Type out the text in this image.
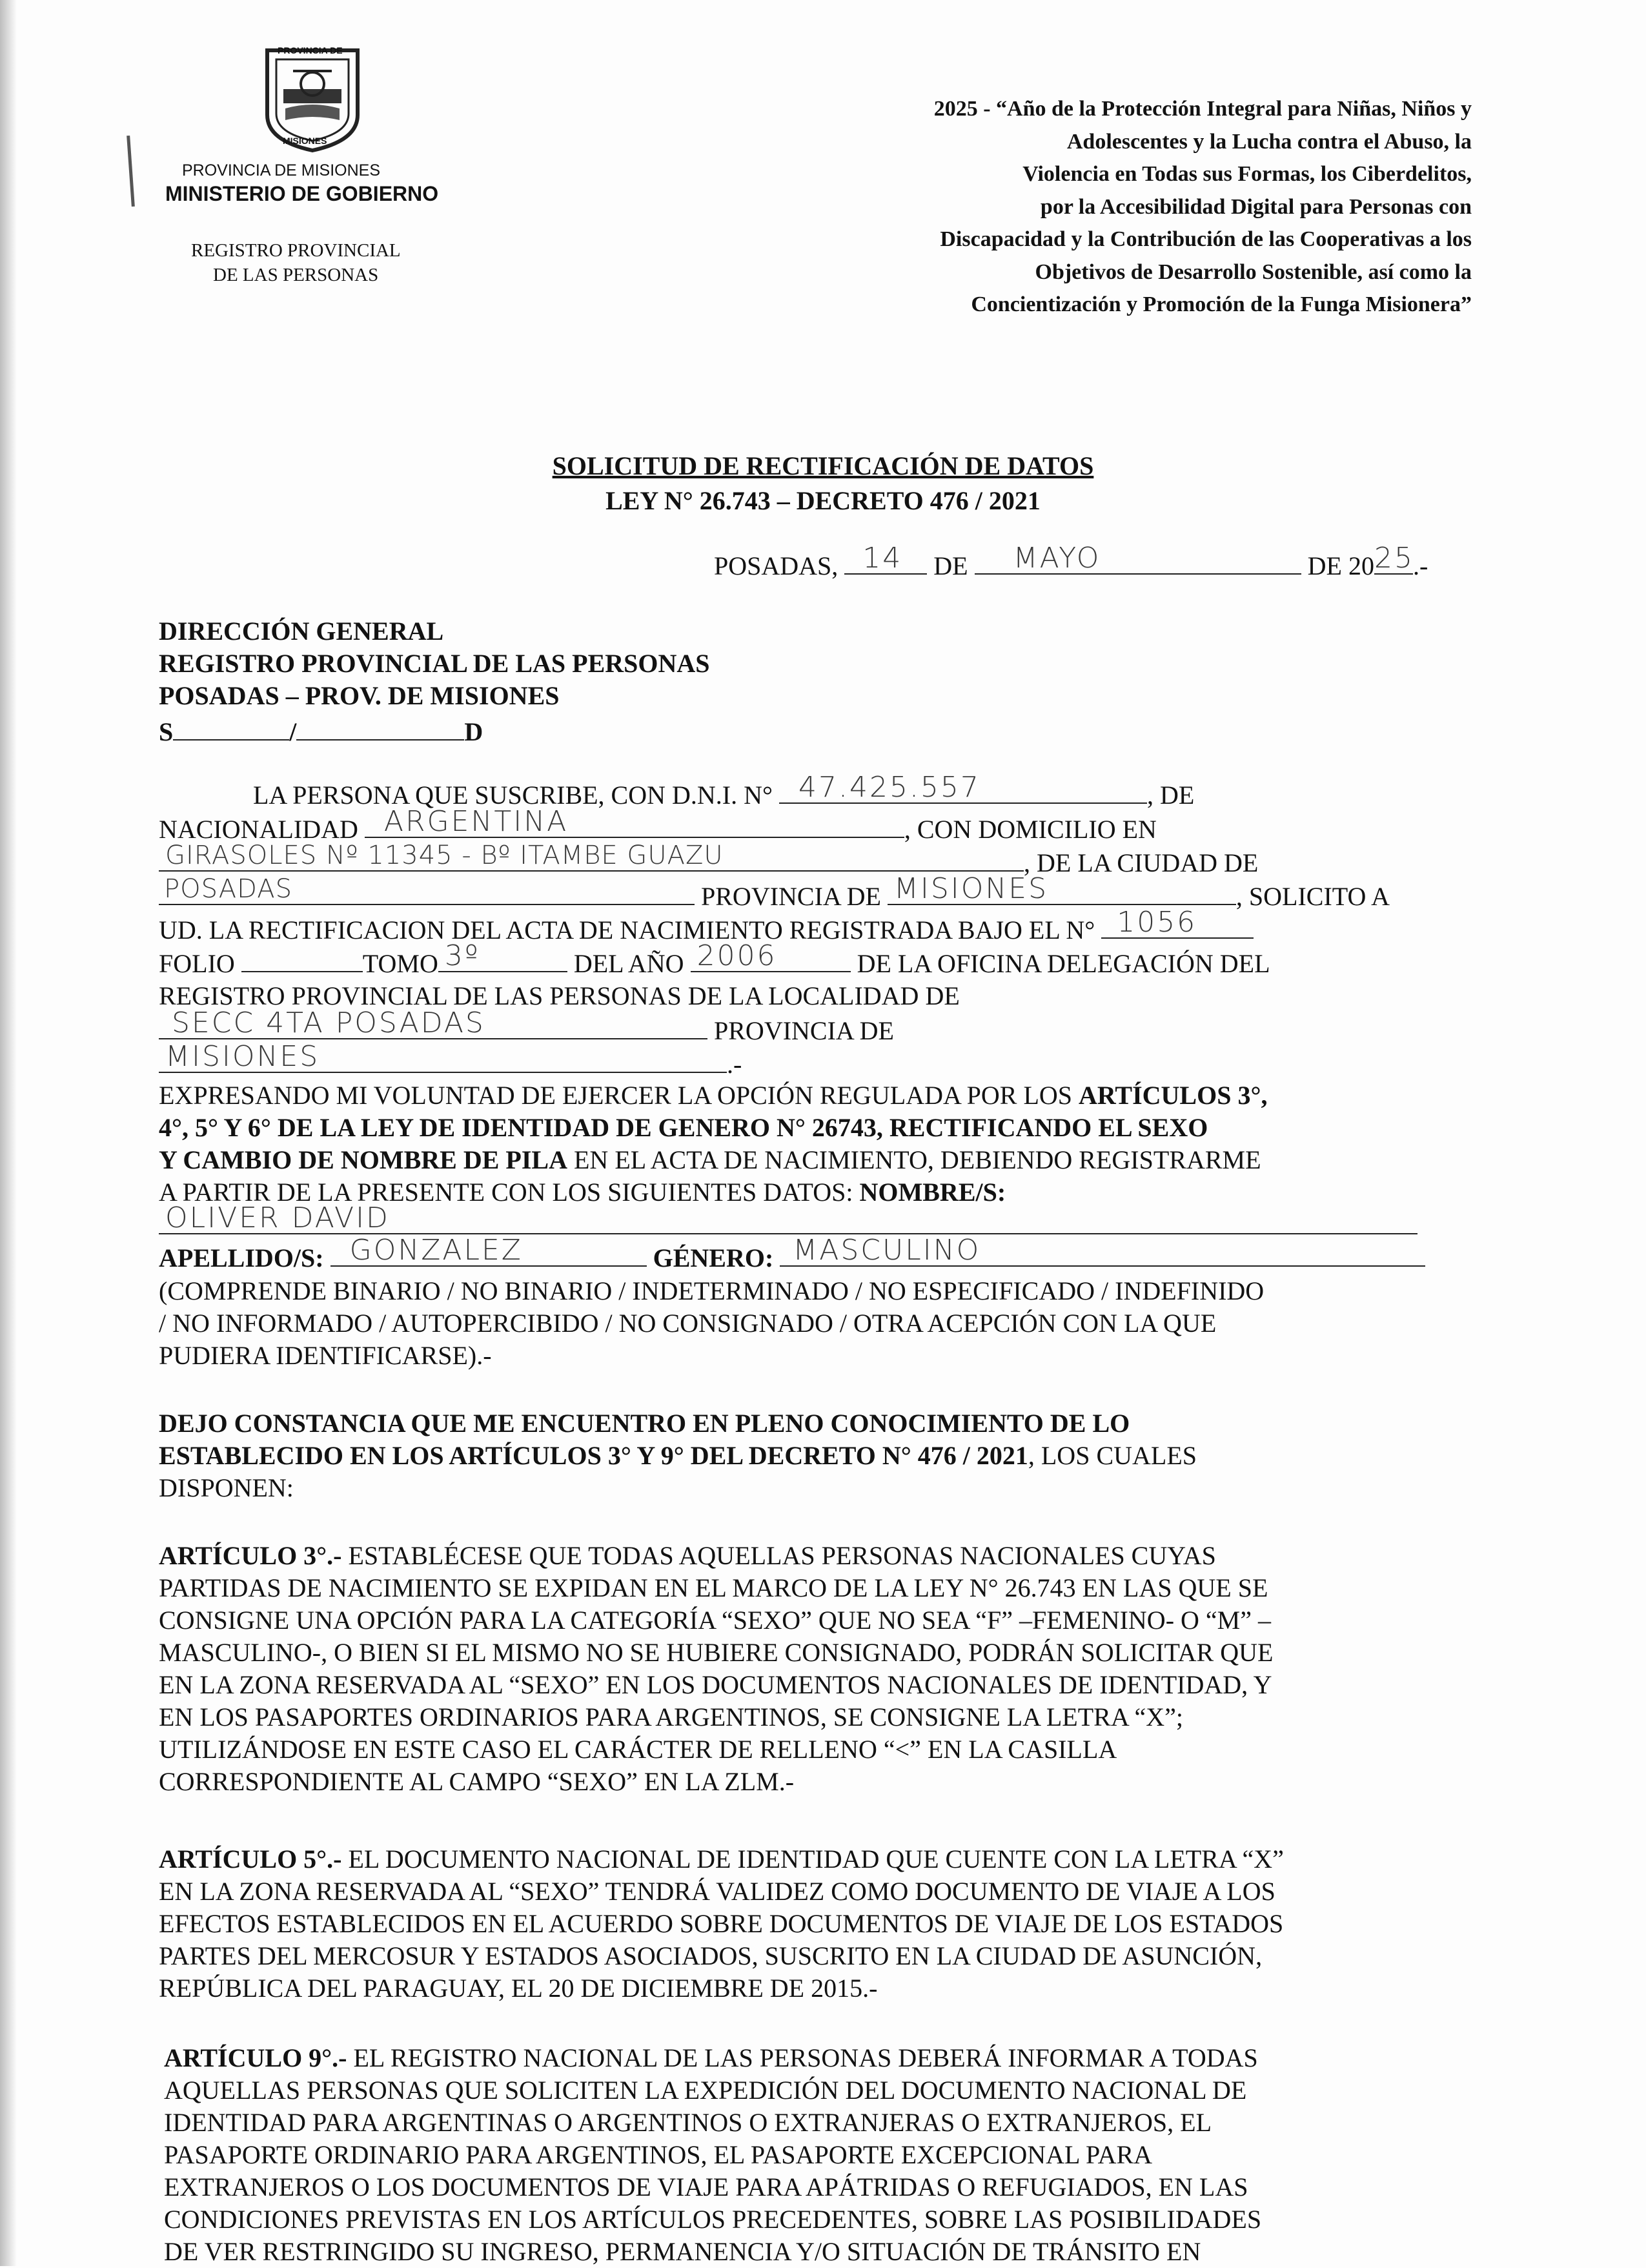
PROVINCIA DE
MISIONES
PROVINCIA DE MISIONES
MINISTERIO DE GOBIERNO
REGISTRO PROVINCIAL
DE LAS PERSONAS
2025 - “Año de la Protección Integral para Niñas, Niños y
Adolescentes y la Lucha contra el Abuso, la
Violencia en Todas sus Formas, los Ciberdelitos,
por la Accesibilidad Digital para Personas con
Discapacidad y la Contribución de las Cooperativas a los
Objetivos de Desarrollo Sostenible, así como la
Concientización y Promoción de la Funga Misionera”
SOLICITUD DE RECTIFICACIÓN DE DATOS
LEY N° 26.743 – DECRETO 476 / 2021
POSADAS, 14 DE MAYO	DE 20 25
.-
DIRECCIÓN GENERAL
REGISTRO PROVINCIAL DE LAS PERSONAS
POSADAS – PROV. DE MISIONES
S	/	D
LA PERSONA QUE SUSCRIBE, CON D.N.I. N° 47.425.557	, DE
NACIONALIDAD ARGENTINA	, CON DOMICILIO EN
GIRASOLES Nº 11345 - Bº ITAMBE GUAZU	, DE LA CIUDAD DE
POSADAS	PROVINCIA DE MISIONES	, SOLICITO A
UD. LA RECTIFICACION DEL ACTA DE NACIMIENTO REGISTRADA BAJO EL N° 1056
FOLIO	TOMO 3º	DEL AÑO 2006	DE LA OFICINA DELEGACIÓN DEL
REGISTRO PROVINCIAL DE LAS PERSONAS DE LA LOCALIDAD DE
SECC 4TA POSADAS	PROVINCIA DE
MISIONES	.-
EXPRESANDO MI VOLUNTAD DE EJERCER LA OPCIÓN REGULADA POR LOS ARTÍCULOS 3°,
4°, 5° Y 6° DE LA LEY DE IDENTIDAD DE GENERO N° 26743, RECTIFICANDO EL SEXO
Y CAMBIO DE NOMBRE DE PILA EN EL ACTA DE NACIMIENTO, DEBIENDO REGISTRARME
A PARTIR DE LA PRESENTE CON LOS SIGUIENTES DATOS: NOMBRE/S:
OLIVER DAVID
APELLIDO/S: GONZALEZ	GÉNERO: MASCULINO
(COMPRENDE BINARIO / NO BINARIO / INDETERMINADO / NO ESPECIFICADO / INDEFINIDO
/ NO INFORMADO / AUTOPERCIBIDO / NO CONSIGNADO / OTRA ACEPCIÓN CON LA QUE
PUDIERA IDENTIFICARSE).-
DEJO CONSTANCIA QUE ME ENCUENTRO EN PLENO CONOCIMIENTO DE LO
ESTABLECIDO EN LOS ARTÍCULOS 3° Y 9° DEL DECRETO N° 476 / 2021, LOS CUALES
DISPONEN:
ARTÍCULO 3°.- ESTABLÉCESE QUE TODAS AQUELLAS PERSONAS NACIONALES CUYAS
PARTIDAS DE NACIMIENTO SE EXPIDAN EN EL MARCO DE LA LEY N° 26.743 EN LAS QUE SE
CONSIGNE UNA OPCIÓN PARA LA CATEGORÍA “SEXO” QUE NO SEA “F” –FEMENINO- O “M” –
MASCULINO-, O BIEN SI EL MISMO NO SE HUBIERE CONSIGNADO, PODRÁN SOLICITAR QUE
EN LA ZONA RESERVADA AL “SEXO” EN LOS DOCUMENTOS NACIONALES DE IDENTIDAD, Y
EN LOS PASAPORTES ORDINARIOS PARA ARGENTINOS, SE CONSIGNE LA LETRA “X”;
UTILIZÁNDOSE EN ESTE CASO EL CARÁCTER DE RELLENO “<” EN LA CASILLA
CORRESPONDIENTE AL CAMPO “SEXO” EN LA ZLM.-
ARTÍCULO 5°.- EL DOCUMENTO NACIONAL DE IDENTIDAD QUE CUENTE CON LA LETRA “X”
EN LA ZONA RESERVADA AL “SEXO” TENDRÁ VALIDEZ COMO DOCUMENTO DE VIAJE A LOS
EFECTOS ESTABLECIDOS EN EL ACUERDO SOBRE DOCUMENTOS DE VIAJE DE LOS ESTADOS
PARTES DEL MERCOSUR Y ESTADOS ASOCIADOS, SUSCRITO EN LA CIUDAD DE ASUNCIÓN,
REPÚBLICA DEL PARAGUAY, EL 20 DE DICIEMBRE DE 2015.-
ARTÍCULO 9°.- EL REGISTRO NACIONAL DE LAS PERSONAS DEBERÁ INFORMAR A TODAS
AQUELLAS PERSONAS QUE SOLICITEN LA EXPEDICIÓN DEL DOCUMENTO NACIONAL DE
IDENTIDAD PARA ARGENTINAS O ARGENTINOS O EXTRANJERAS O EXTRANJEROS, EL
PASAPORTE ORDINARIO PARA ARGENTINOS, EL PASAPORTE EXCEPCIONAL PARA
EXTRANJEROS O LOS DOCUMENTOS DE VIAJE PARA APÁTRIDAS O REFUGIADOS, EN LAS
CONDICIONES PREVISTAS EN LOS ARTÍCULOS PRECEDENTES, SOBRE LAS POSIBILIDADES
DE VER RESTRINGIDO SU INGRESO, PERMANENCIA Y/O SITUACIÓN DE TRÁNSITO EN
